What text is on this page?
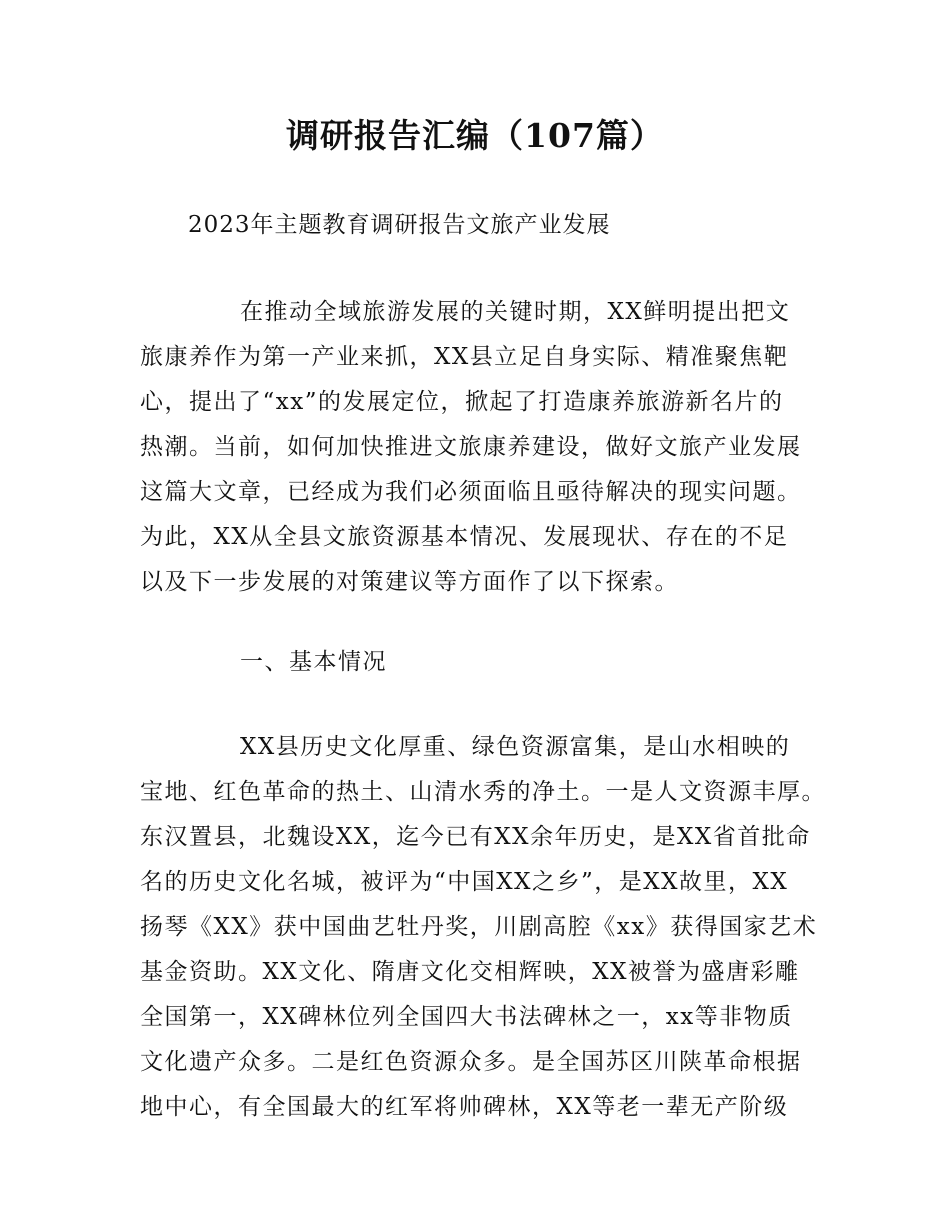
调研报告汇编（107篇）
2023年主题教育调研报告文旅产业发展
在推动全域旅游发展的关键时期，XX鲜明提出把文
旅康养作为第一产业来抓，XX县立足自身实际、精准聚焦靶
心，提出了“xx”的发展定位，掀起了打造康养旅游新名片的
热潮。当前，如何加快推进文旅康养建设，做好文旅产业发展
这篇大文章，已经成为我们必须面临且亟待解决的现实问题。
为此，XX从全县文旅资源基本情况、发展现状、存在的不足
以及下一步发展的对策建议等方面作了以下探索。
一、基本情况
XX县历史文化厚重、绿色资源富集，是山水相映的
宝地、红色革命的热土、山清水秀的净土。一是人文资源丰厚。
东汉置县，北魏设XX，迄今已有XX余年历史，是XX省首批命
名的历史文化名城，被评为“中国XX之乡”，是XX故里，XX
扬琴《XX》获中国曲艺牡丹奖，川剧高腔《xx》获得国家艺术
基金资助。XX文化、隋唐文化交相辉映，XX被誉为盛唐彩雕
全国第一，XX碑林位列全国四大书法碑林之一，xx等非物质
文化遗产众多。二是红色资源众多。是全国苏区川陕革命根据
地中心，有全国最大的红军将帅碑林，XX等老一辈无产阶级
